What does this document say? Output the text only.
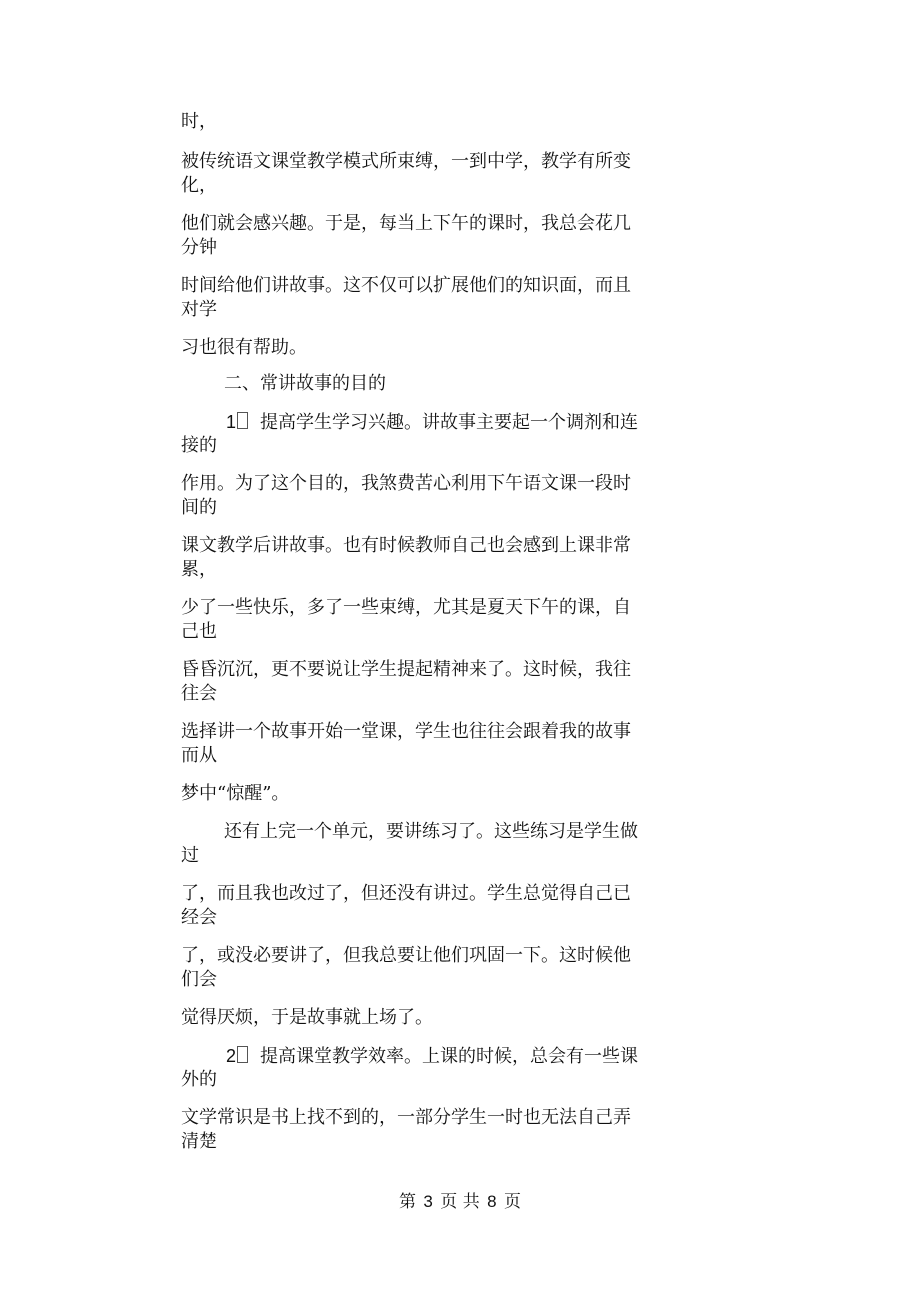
时，
被传统语文课堂教学模式所束缚，一到中学，教学有所变
化，
他们就会感兴趣。于是，每当上下午的课时，我总会花几
分钟
时间给他们讲故事。这不仅可以扩展他们的知识面，而且
对学
习也很有帮助。
二、常讲故事的目的
1 提高学生学习兴趣。讲故事主要起一个调剂和连
接的
作用。为了这个目的，我煞费苦心利用下午语文课一段时
间的
课文教学后讲故事。也有时候教师自己也会感到上课非常
累，
少了一些快乐，多了一些束缚，尤其是夏天下午的课，自
己也
昏昏沉沉，更不要说让学生提起精神来了。这时候，我往
往会
选择讲一个故事开始一堂课，学生也往往会跟着我的故事
而从
梦中“惊醒”。
还有上完一个单元，要讲练习了。这些练习是学生做
过
了，而且我也改过了，但还没有讲过。学生总觉得自己已
经会
了，或没必要讲了，但我总要让他们巩固一下。这时候他
们会
觉得厌烦，于是故事就上场了。
2 提高课堂教学效率。上课的时候，总会有一些课
外的
文学常识是书上找不到的，一部分学生一时也无法自己弄
清楚
第 3 页 共 8 页
